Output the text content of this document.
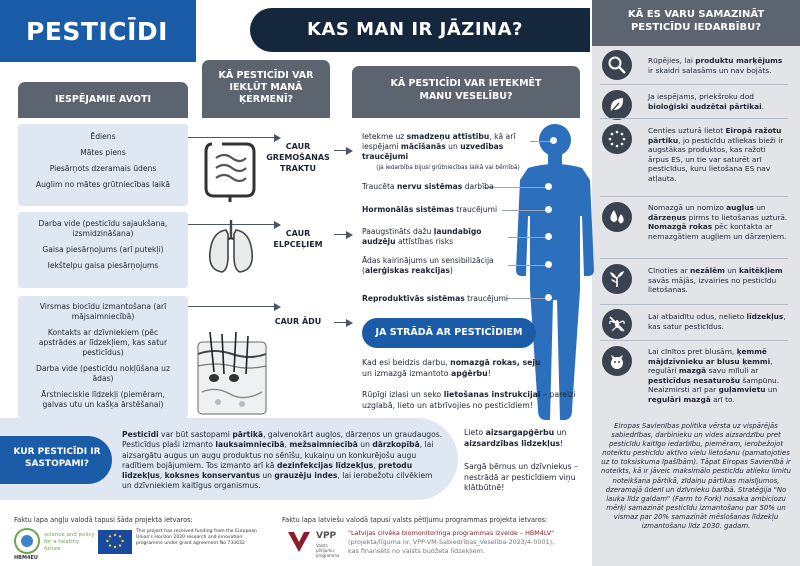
KĀ ES VARU SAMAZINĀT PESTICĪDU IEDARBĪBU?
PESTICĪDI	KAS MAN IR JĀZINA?
IESPĒJAMIE AVOTI
KĀ PESTICĪDI VAR IEKĻŪT MANĀ ĶERMENĪ?
KĀ PESTICĪDI VAR IETEKMĒT MANU VESELĪBU?

Ēdiens

Mātes piens

Piesārņots dzeramais ūdens

Auglim no mātes grūtniecības laikā

Darba vide (pesticīdu sajaukšana, izsmidzināšana)

Gaisa piesārņojums (arī putekļi)

Iekštelpu gaisa piesārņojums

Virsmas biocīdu izmantošana (arī mājsaimniecībā)

Kontakts ar dzīvniekiem (pēc apstrādes ar līdzekļiem, kas satur pesticīdus)

Darba vide (pesticīdu nokļūšana uz ādas)

Ārstnieciskie līdzekļi (piemēram, galvas utu un kašķa ārstēšanai)

CAUR GREMOŠANAS TRAKTU
CAUR ELPCEĻIEM
CAUR ĀDU
Ietekme uz smadzeņu attīstību, kā arī iespējami mācīšanās un uzvedības traucējumi
(ja iedarbība bijusi grūtniecības laikā vai bērnībā)
Traucēta nervu sistēmas darbība
Hormonālās sistēmas traucējumi
Paaugstināts dažu ļaundabīgo audzēju attīstības risks
Ādas kairinājums un sensibilizācija (alerģiskas reakcijas)
Reproduktīvās sistēmas traucējumi
JA STRĀDĀ AR PESTICĪDIEM
Kad esi beidzis darbu, nomazgā rokas, seju un izmazgā izmantoto apģērbu!
Rūpīgi izlasi un seko lietošanas instrukcijai – pareizi uzglabā, lieto un atbrīvojies no pesticīdiem!
KUR PESTICĪDI IR SASTOPAMI?
Pesticīdi var būt sastopami pārtikā, galvenokārt augļos, dārzeņos un graudaugos. Pesticīdus plaši izmanto lauksaimniecībā, mežsaimniecībā un dārzkopībā, lai aizsargātu augus un augu produktus no sēnīšu, kukaiņu un konkurējošu augu radītiem bojājumiem. Tos izmanto arī kā dezinfekcijas līdzekļus, pretodu līdzekļus, koksnes konservantus un grauzēju indes, lai ierobežotu cilvēkiem un dzīvniekiem kaitīgus organismus.
Lieto aizsargapģērbu un aizsardzības līdzekļus!
Sargā bērnus un dzīvniekus – nestrādā ar pesticīdiem viņu klātbūtnē!
Faktu lapa angļu valodā tapusi šāda projekta ietvaros:
HBM4EU
science and policy for a healthy future
This project has received funding from the European Union's Horizon 2020 research and innovation programme under grant agreement No 733032
Faktu lapa latviešu valodā tapusi valsts pētījumu programmas projekta ietvaros:
VPP
Valsts pētījumu programma
"Latvijas cilvēka biomonitoringa programmas izveide – HBM4LV"
(projekta/līguma nr. VPP-VM-Sabiedrības_Veselība-2023/4-0001),
kas finansēts no valsts budžeta līdzekļiem.
Rūpējies, lai produktu marķējums ir skaidri salasāms un nav bojāts.
Ja iespējams, priekšroku dod bioloģiski audzētai pārtikai.
Centies uzturā lietot Eiropā ražotu pārtiku, jo pesticīdu atliekas bieži ir augstākas produktos, kas ražoti ārpus ES, un tie var saturēt arī pesticīdus, kuru lietošana ES nav atļauta.
Nomazgā un nomizo augļus un dārzeņus pirms to lietošanas uzturā. Nomazgā rokas pēc kontakta ar nemazgātiem augļiem un dārzeņiem.
Cīnoties ar nezālēm un kaitēkļiem savās mājās, izvairies no pesticīdu lietošanas.
Lai atbaidītu odus, nelieto līdzekļus, kas satur pesticīdus.
Lai cīnītos pret blusām, ķemmē mājdzīvnieku ar blusu ķemmi, regulāri mazgā savu mīluli ar pesticīdus nesaturošu šampūnu. Neaizmirsti arī par guļamvietu un regulāri mazgā arī to.
Eiropas Savienības politika vērsta uz vispārējās sabiedrības, darbinieku un vides aizsardzību pret pesticīdu kaitīgo iedarbību, piemēram, ierobežojot noteiktu pesticīdu aktīvo vielu lietošanu (pamatojoties uz to toksiskuma īpašībām). Tāpat Eiropas Savienībā ir noteikts, kā ir jāveic maksimālo pesticīdu atlieku limitu noteikšana pārtikā, zīdaiņu pārtikas maisījumos, dzeramajā ūdenī un dzīvnieku barībā. Stratēģija "No lauka līdz galdam" (Farm to Fork) nosaka ambiciozu mērķi samazināt pesticīdu izmantošanu par 50% un vismaz par 20% samazināt mēslošanas līdzekļu izmantošanu līdz 2030. gadam.
